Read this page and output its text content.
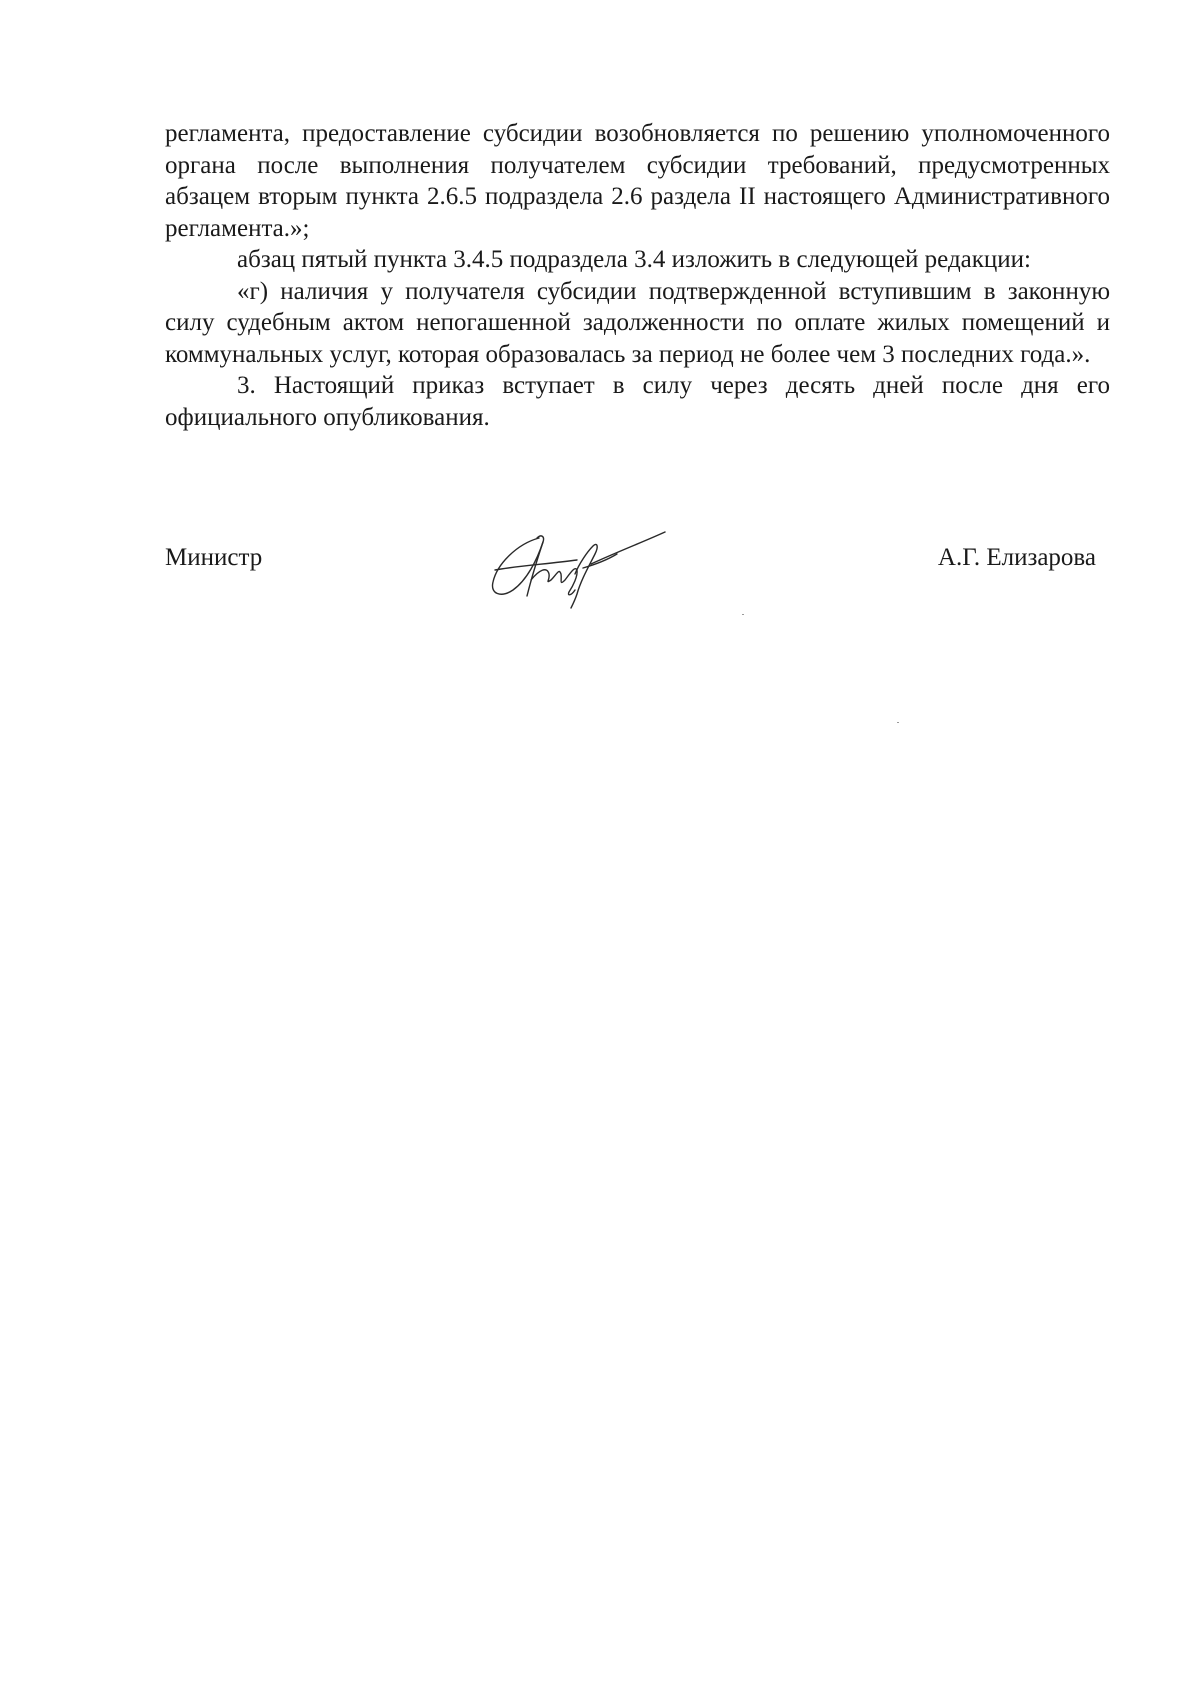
регламента, предоставление субсидии возобновляется по решению уполномоченного органа после выполнения получателем субсидии требований, предусмотренных абзацем вторым пункта 2.6.5 подраздела 2.6 раздела II настоящего Административного регламента.»;

абзац пятый пункта 3.4.5 подраздела 3.4 изложить в следующей редакции:

«г) наличия у получателя субсидии подтвержденной вступившим в законную силу судебным актом непогашенной задолженности по оплате жилых помещений и коммунальных услуг, которая образовалась за период не более чем 3 последних года.».

3. Настоящий приказ вступает в силу через десять дней после дня его официального опубликования.

Министр	А.Г. Елизарова
